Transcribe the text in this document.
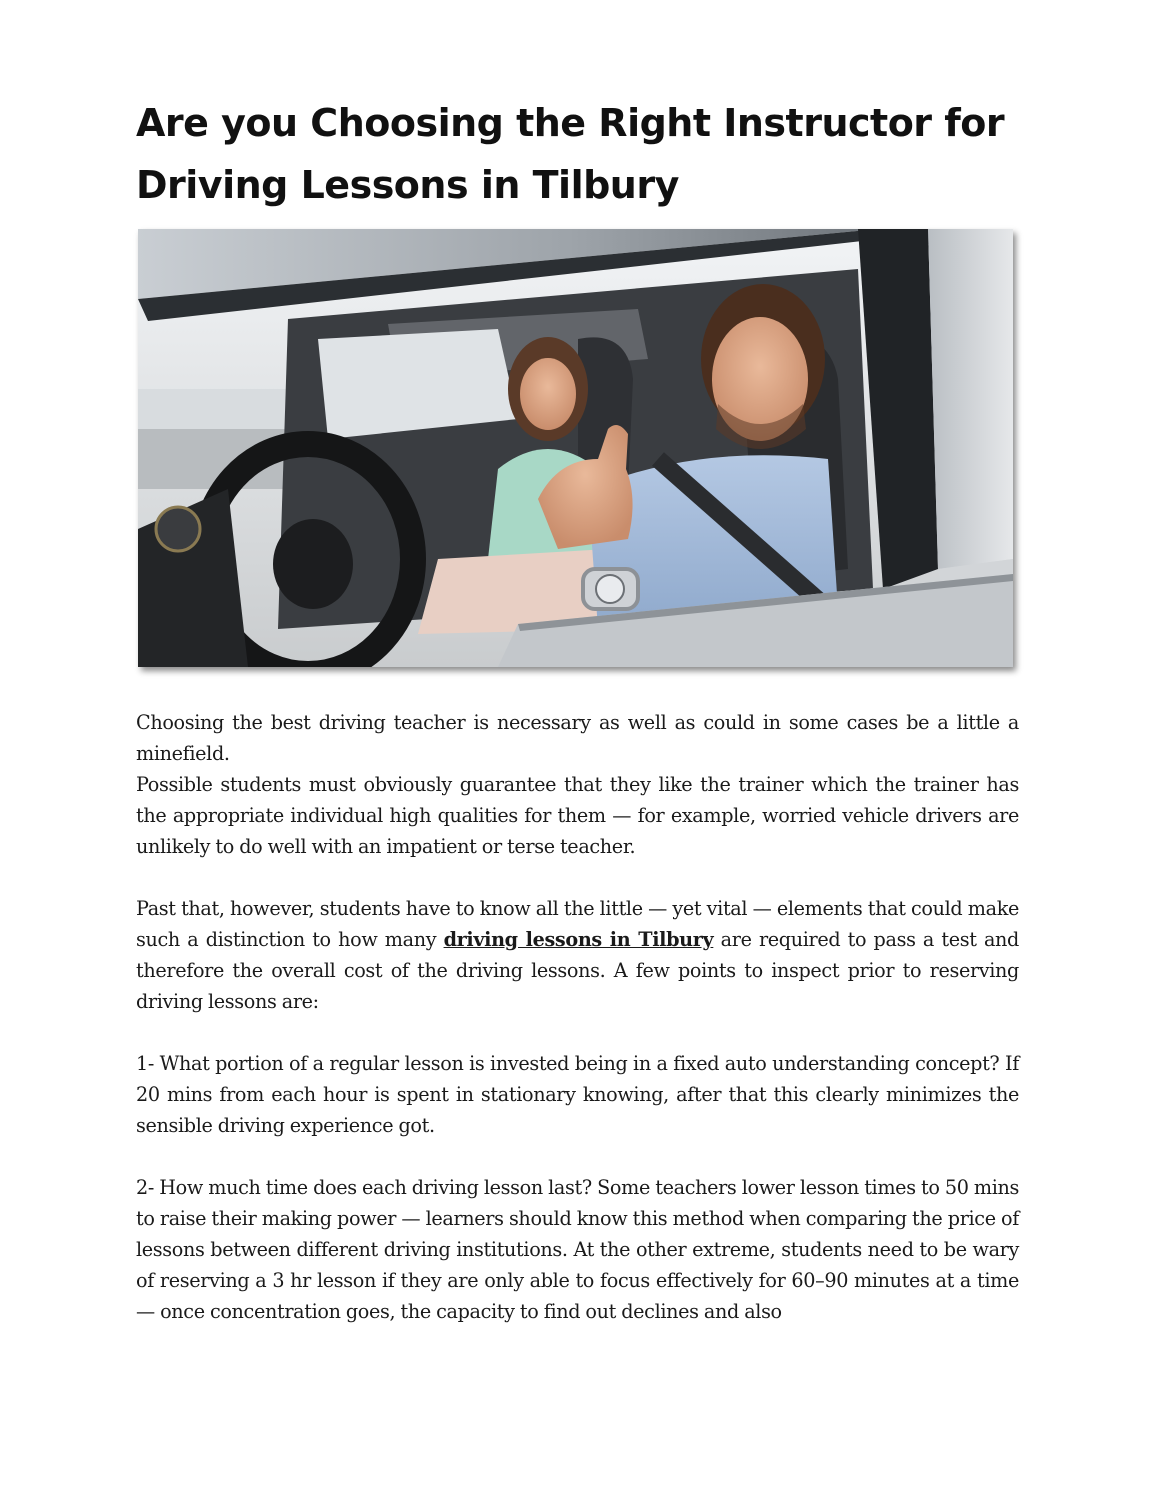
Are you Choosing the Right Instructor for Driving Lessons in Tilbury

Choosing the best driving teacher is necessary as well as could in some cases be a little a minefield.

Possible students must obviously guarantee that they like the trainer which the trainer has the appropriate individual high qualities for them — for example, worried vehicle drivers are unlikely to do well with an impatient or terse teacher.

Past that, however, students have to know all the little — yet vital — elements that could make such a distinction to how many driving lessons in Tilbury are required to pass a test and therefore the overall cost of the driving lessons. A few points to inspect prior to reserving driving lessons are:

1- What portion of a regular lesson is invested being in a fixed auto understanding concept? If 20 mins from each hour is spent in stationary knowing, after that this clearly minimizes the sensible driving experience got.

2- How much time does each driving lesson last? Some teachers lower lesson times to 50 mins to raise their making power — learners should know this method when comparing the price of lessons between different driving institutions. At the other extreme, students need to be wary of reserving a 3 hr lesson if they are only able to focus effectively for 60–90 minutes at a time — once concentration goes, the capacity to find out declines and also
